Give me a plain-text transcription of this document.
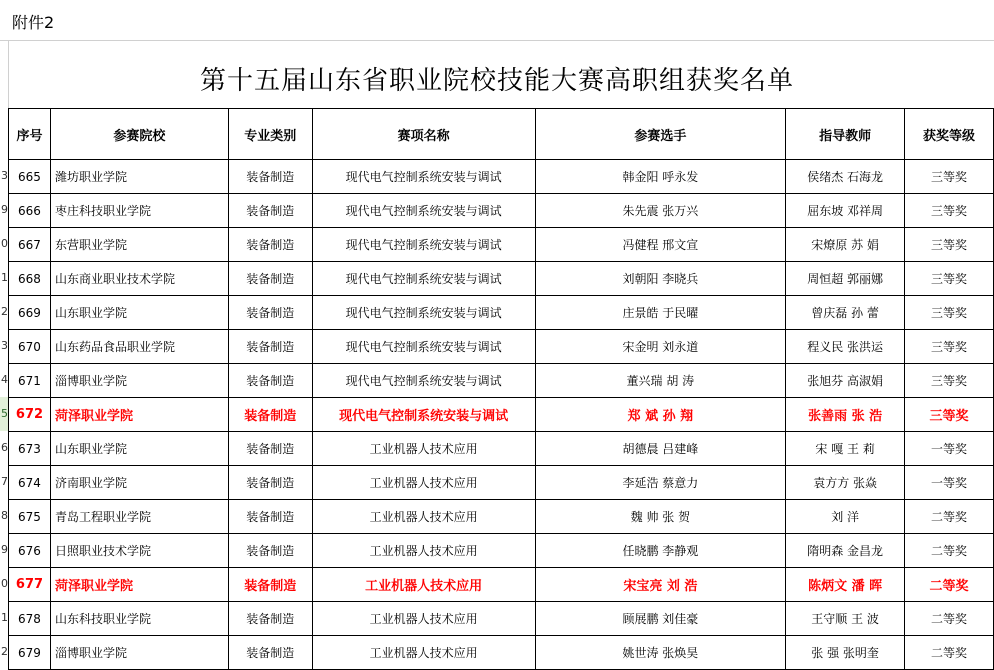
附件2
第十五届山东省职业院校技能大赛高职组获奖名单
3
9
0
1
2
3
4
5
6
7
8
9
0
1
2
序号	参赛院校	专业类别	赛项名称	参赛选手	指导教师	获奖等级
665	潍坊职业学院	装备制造	现代电气控制系统安装与调试	韩金阳 呼永发	侯绪杰 石海龙	三等奖
666	枣庄科技职业学院	装备制造	现代电气控制系统安装与调试	朱先震 张万兴	屈东坡 邓祥周	三等奖
667	东营职业学院	装备制造	现代电气控制系统安装与调试	冯健程 邢文宣	宋燎原 苏 娟	三等奖
668	山东商业职业技术学院	装备制造	现代电气控制系统安装与调试	刘朝阳 李晓兵	周恒超 郭丽娜	三等奖
669	山东职业学院	装备制造	现代电气控制系统安装与调试	庄景皓 于民曜	曾庆磊 孙 蕾	三等奖
670	山东药品食品职业学院	装备制造	现代电气控制系统安装与调试	宋金明 刘永道	程义民 张洪运	三等奖
671	淄博职业学院	装备制造	现代电气控制系统安装与调试	董兴瑞 胡 涛	张旭芬 高淑娟	三等奖
672	菏泽职业学院	装备制造	现代电气控制系统安装与调试	郑 斌 孙 翔	张善雨 张 浩	三等奖
673	山东职业学院	装备制造	工业机器人技术应用	胡德晨 吕建峰	宋 嘎 王 莉	一等奖
674	济南职业学院	装备制造	工业机器人技术应用	李延浩 蔡意力	袁方方 张焱	一等奖
675	青岛工程职业学院	装备制造	工业机器人技术应用	魏 帅 张 贺	刘 洋	二等奖
676	日照职业技术学院	装备制造	工业机器人技术应用	任晓鹏 李静观	隋明森 金昌龙	二等奖
677	菏泽职业学院	装备制造	工业机器人技术应用	宋宝亮 刘 浩	陈炳文 潘 晖	二等奖
678	山东科技职业学院	装备制造	工业机器人技术应用	顾展鹏 刘佳豪	王守顺 王 波	二等奖
679	淄博职业学院	装备制造	工业机器人技术应用	姚世涛 张焕昊	张 强 张明奎	二等奖
